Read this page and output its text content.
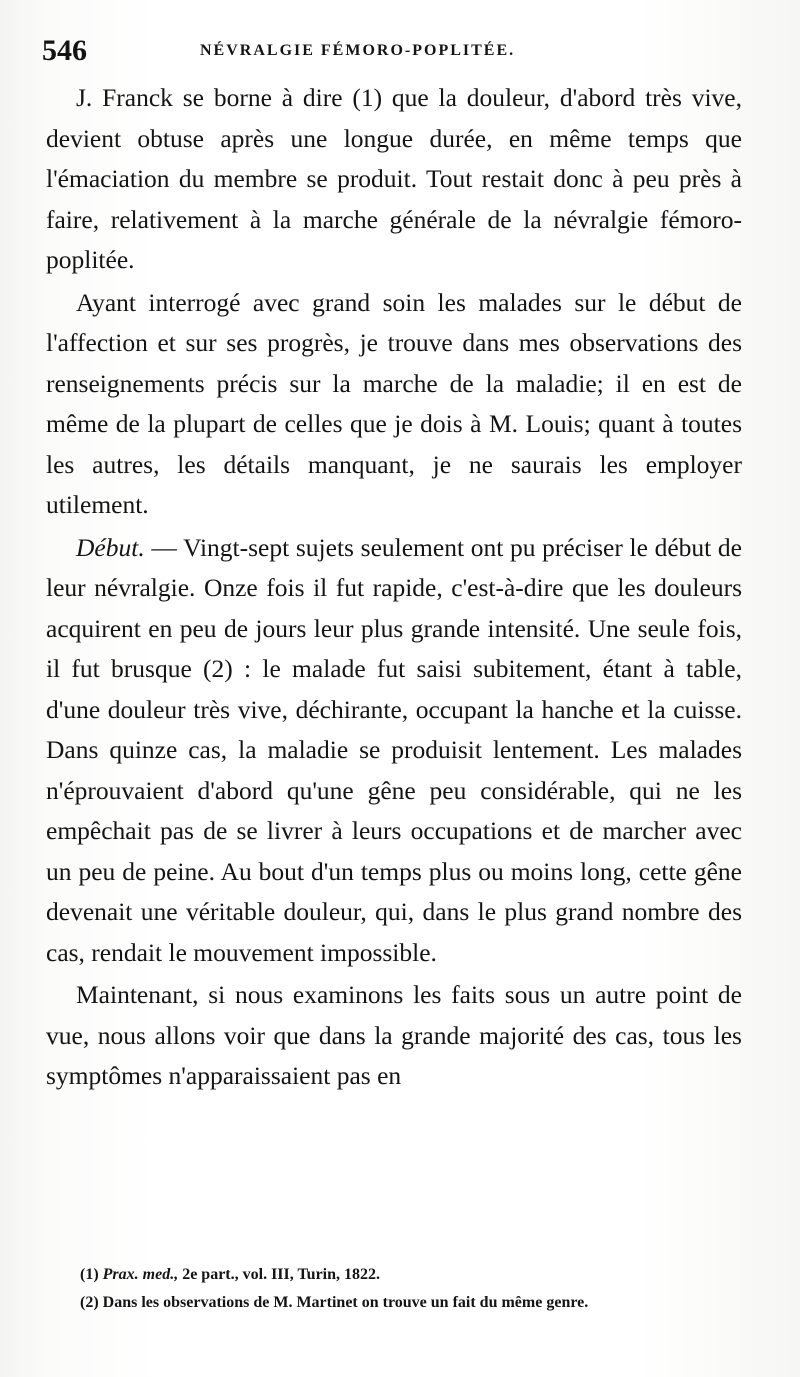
546	NÉVRALGIE FÉMORO-POPLITÉE.

J. Franck se borne à dire (1) que la douleur, d'abord très vive, devient obtuse après une longue durée, en même temps que l'émaciation du membre se produit. Tout restait donc à peu près à faire, relativement à la marche générale de la névralgie fémoro-poplitée.

Ayant interrogé avec grand soin les malades sur le début de l'affection et sur ses progrès, je trouve dans mes observations des renseignements précis sur la marche de la maladie; il en est de même de la plupart de celles que je dois à M. Louis; quant à toutes les autres, les détails manquant, je ne saurais les employer utilement.

Début. — Vingt-sept sujets seulement ont pu préciser le début de leur névralgie. Onze fois il fut rapide, c'est-à-dire que les douleurs acquirent en peu de jours leur plus grande intensité. Une seule fois, il fut brusque (2) : le malade fut saisi subitement, étant à table, d'une douleur très vive, déchirante, occupant la hanche et la cuisse. Dans quinze cas, la maladie se produisit lentement. Les malades n'éprouvaient d'abord qu'une gêne peu considérable, qui ne les empêchait pas de se livrer à leurs occupations et de marcher avec un peu de peine. Au bout d'un temps plus ou moins long, cette gêne devenait une véritable douleur, qui, dans le plus grand nombre des cas, rendait le mouvement impossible.

Maintenant, si nous examinons les faits sous un autre point de vue, nous allons voir que dans la grande majorité des cas, tous les symptômes n'apparaissaient pas en

(1) Prax. med., 2e part., vol. III, Turin, 1822.

(2) Dans les observations de M. Martinet on trouve un fait du même genre.
